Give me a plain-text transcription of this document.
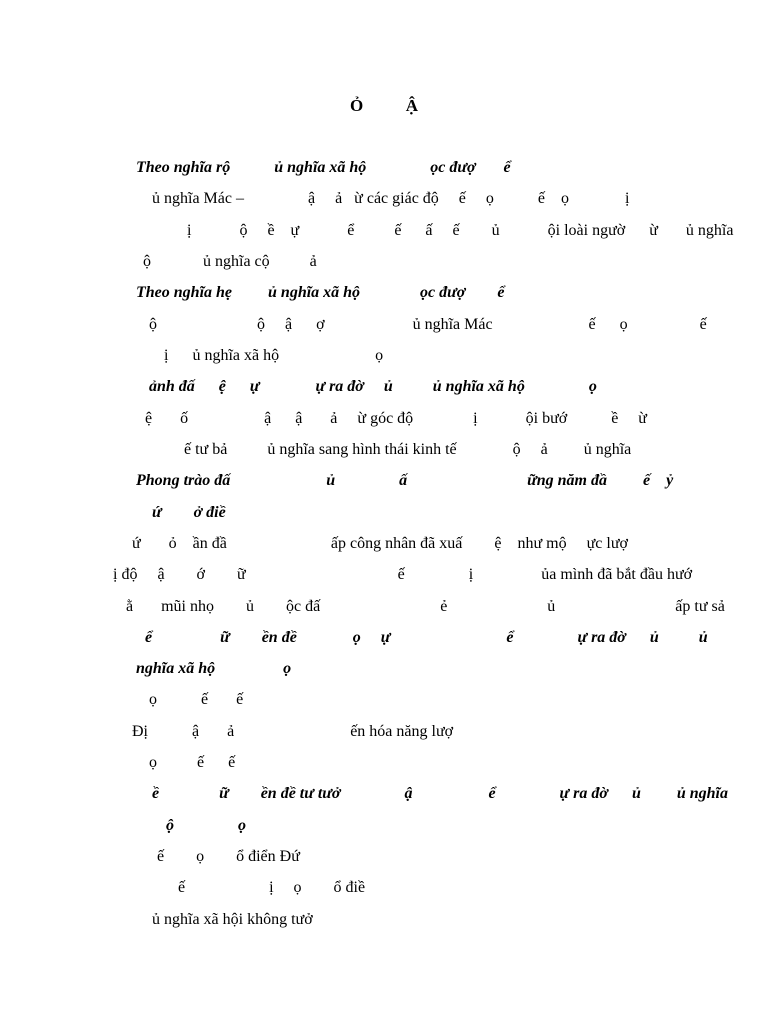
Ỏ          Ậ
Theo nghĩa rộ           ủ nghĩa xã hộ                ọc đượ       ể
ủ nghĩa Mác –                ậ     ả   ừ các giác độ     ế     ọ           ế    ọ              ị
ị            ộ     ề    ự            ể          ế      ấ     ế        ủ            ội loài ngườ      ừ       ủ nghĩa
ộ             ủ nghĩa cộ          ả
Theo nghĩa hẹ         ủ nghĩa xã hộ               ọc đượ        ể
ộ                         ộ     ậ      ợ                      ủ nghĩa Mác                        ế      ọ                  ế
ị      ủ nghĩa xã hộ                        ọ
ảnh đấ      ệ      ự              ự ra đờ     ủ          ủ nghĩa xã hộ                ọ
ệ       ố                   ậ      ậ       ả     ừ góc độ               ị            ội bướ           ề     ừ
ế tư bả          ủ nghĩa sang hình thái kinh tế              ộ     ả         ủ nghĩa
Phong trào đấ                        ủ                ấ                              ững năm đầ         ế    ỷ
ứ        ở điề
ứ       ỏ    ần đầ                          ấp công nhân đã xuấ        ệ    như mộ     ực lượ
ị độ     ậ        ớ        ữ                                      ế                ị                 ủa mình đã bắt đầu hướ
ằ       mũi nhọ        ủ        ộc đấ                              ẻ                         ủ                              ấp tư sả
ể                 ữ        ền đề              ọ     ự                             ể                ự ra đờ      ủ          ủ
nghĩa xã hộ                 ọ
ọ           ế       ế
Đị           ậ       ả                             ến hóa năng lượ
ọ          ế      ế
ề               ữ        ền đề tư tưở                ậ                   ể                ự ra đờ      ủ         ủ nghĩa
ộ                ọ
ế        ọ        ổ điển Đứ
ế                     ị     ọ        ổ điề
ủ nghĩa xã hội không tưở
